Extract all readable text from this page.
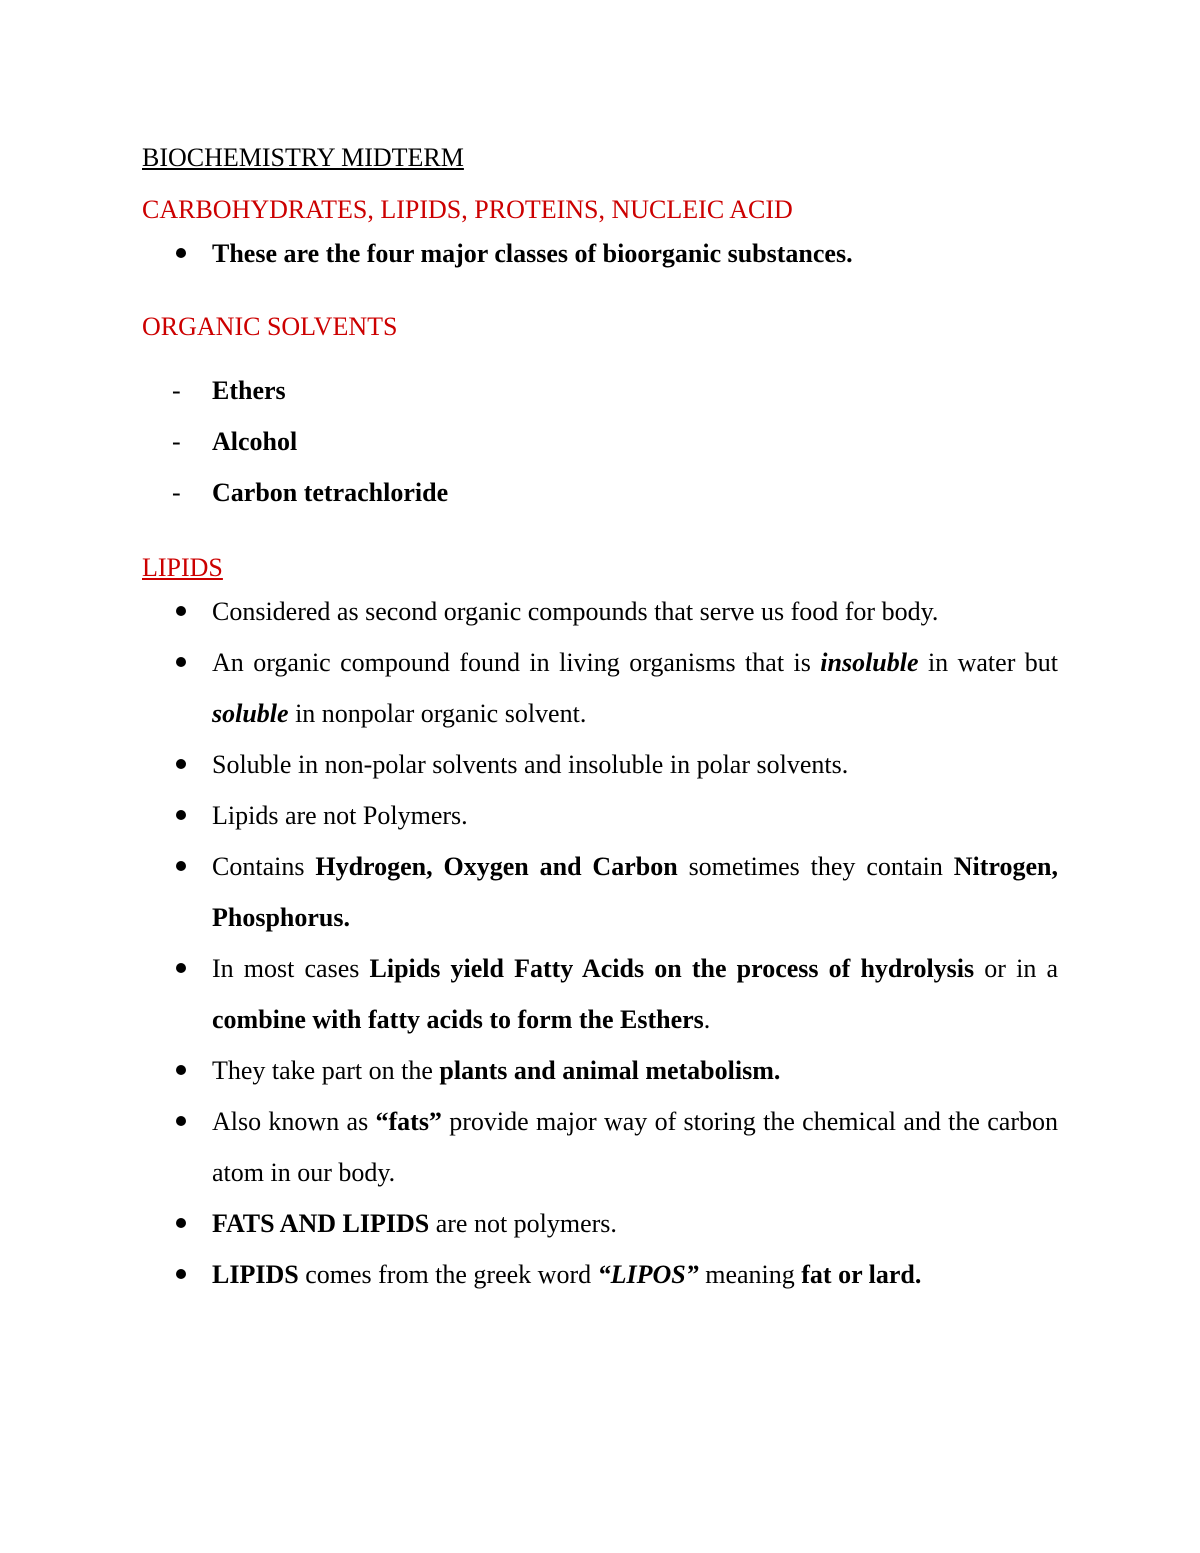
BIOCHEMISTRY MIDTERM
CARBOHYDRATES, LIPIDS, PROTEINS, NUCLEIC ACID
These are the four major classes of bioorganic substances.
ORGANIC SOLVENTS
- Ethers
- Alcohol
- Carbon tetrachloride
LIPIDS
Considered as second organic compounds that serve us food for body.
An organic compound found in living organisms that is insoluble in water but soluble in nonpolar organic solvent.
Soluble in non-polar solvents and insoluble in polar solvents.
Lipids are not Polymers.
Contains Hydrogen, Oxygen and Carbon sometimes they contain Nitrogen, Phosphorus.
In most cases Lipids yield Fatty Acids on the process of hydrolysis or in a combine with fatty acids to form the Esthers.
They take part on the plants and animal metabolism.
Also known as “fats” provide major way of storing the chemical and the carbon atom in our body.
FATS AND LIPIDS are not polymers.
LIPIDS comes from the greek word “LIPOS” meaning fat or lard.
